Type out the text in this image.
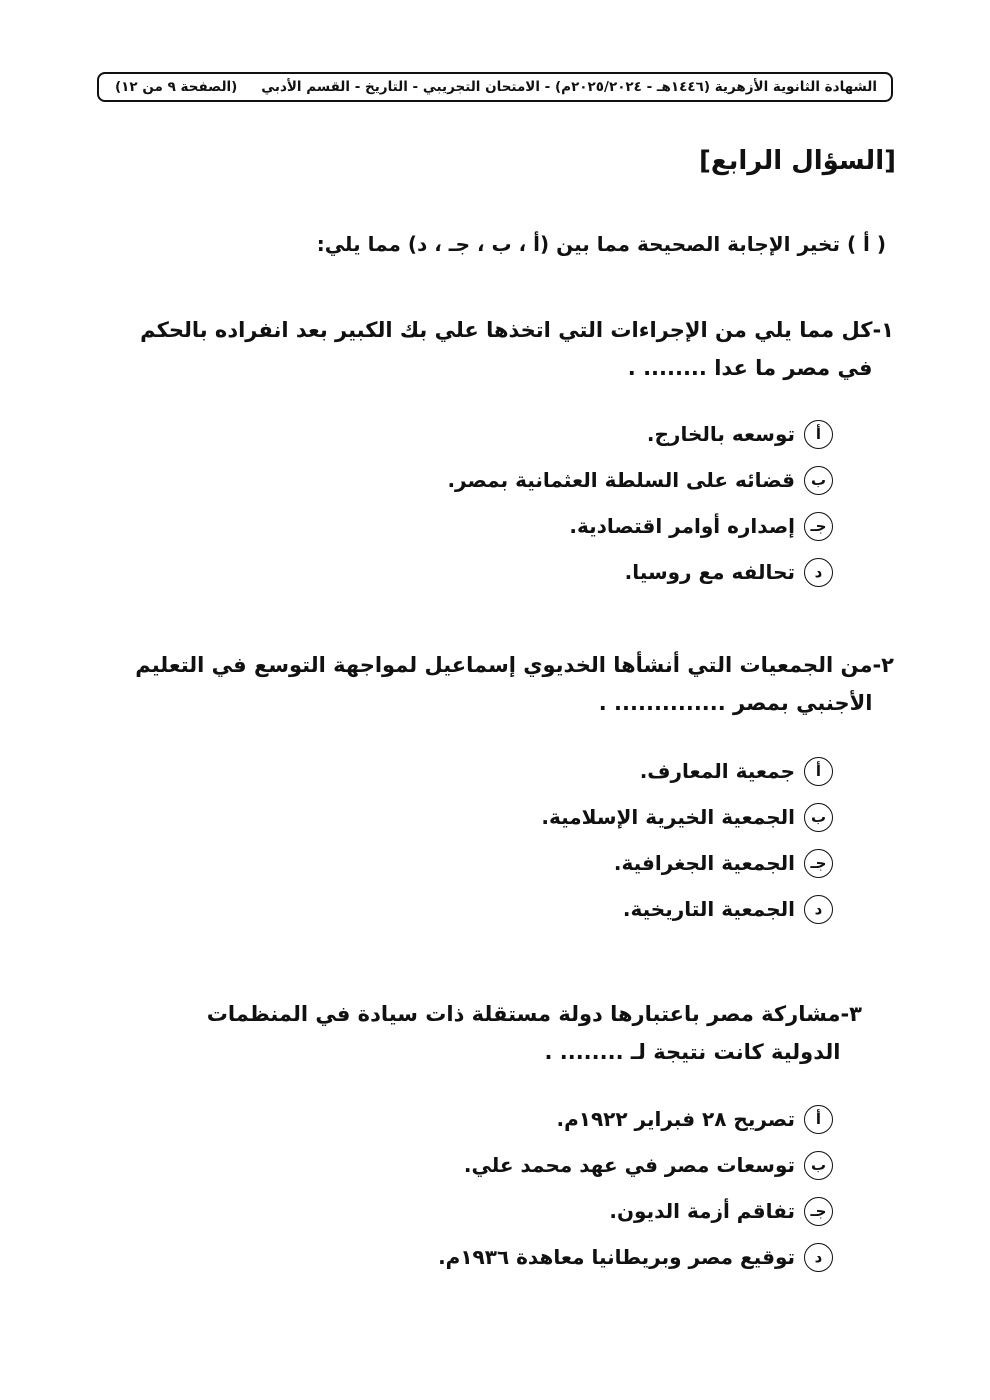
الشهادة الثانوية الأزهرية (١٤٤٦هـ - ٢٠٢٥/٢٠٢٤م) - الامتحان التجريبي - التاريخ - القسم الأدبي
(الصفحة ٩ من ١٢)
[السؤال الرابع]
( أ ) تخير الإجابة الصحيحة مما بين (أ ، ب ، جـ ، د) مما يلي:
١-
كل مما يلي من الإجراءات التي اتخذها علي بك الكبير بعد انفراده بالحكم في مصر ما عدا ........ .
أ
توسعه بالخارج.
ب
قضائه على السلطة العثمانية بمصر.
جـ
إصداره أوامر اقتصادية.
د
تحالفه مع روسيا.
٢-
من الجمعيات التي أنشأها الخديوي إسماعيل لمواجهة التوسع في التعليم الأجنبي بمصر .............. .
أ
جمعية المعارف.
ب
الجمعية الخيرية الإسلامية.
جـ
الجمعية الجغرافية.
د
الجمعية التاريخية.
٣-
مشاركة مصر باعتبارها دولة مستقلة ذات سيادة في المنظمات الدولية كانت نتيجة لـ ........ .
أ
تصريح ٢٨ فبراير ١٩٢٢م.
ب
توسعات مصر في عهد محمد علي.
جـ
تفاقم أزمة الديون.
د
توقيع مصر وبريطانيا معاهدة ١٩٣٦م.
